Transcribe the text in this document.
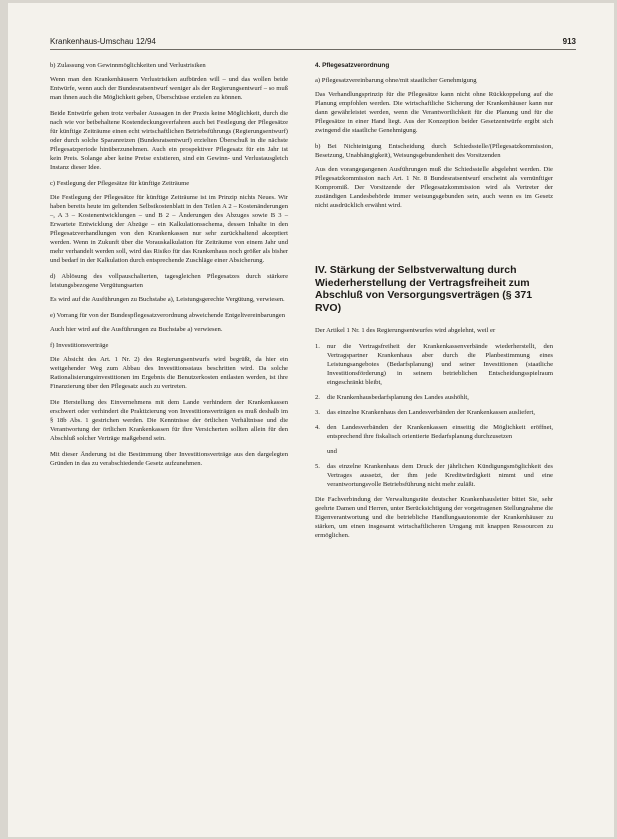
Krankenhaus-Umschau 12/94	913

b) Zulassung von Gewinnmöglichkeiten und Verlustrisiken

Wenn man den Krankenhäusern Verlustrisiken aufbürden will – und das wollen beide Entwürfe, wenn auch der Bundesratsentwurf weniger als der Regierungsentwurf – so muß man ihnen auch die Möglichkeit geben, Überschüsse erzielen zu können.

Beide Entwürfe gehen trotz verbaler Aussagen in der Praxis keine Möglichkeit, durch die nach wie vor beibehaltene Kostendeckungsverfahren auch bei Festlegung der Pflegesätze für künftige Zeiträume einen echt wirtschaftlichen Betriebsführungs (Regierungsentwurf) oder durch solche Sparanreizen (Bundesratsentwurf) erzielten Überschuß in die nächste Pflegesatzperiode hinüberzunehmen. Auch ein prospektiver Pflegesatz für ein Jahr ist kein Preis. Solange aber keine Preise existieren, sind ein Gewinn- und Verlustausgleich Instanz dieser Idee.

c) Festlegung der Pflegesätze für künftige Zeiträume

Die Festlegung der Pflegesätze für künftige Zeiträume ist im Prinzip nichts Neues. Wir haben bereits heute im geltenden Selbstkostenblatt in den Teilen A 2 – Kostenänderungen –, A 3 – Kostenentwicklungen – und B 2 – Änderungen des Abzuges sowie B 3 – Erwartete Entwicklung der Abzüge – ein Kalkulationsschema, dessen Inhalte in den Pflegesatzverhandlungen von den Krankenkassen nur sehr zurückhaltend akzeptiert werden. Wenn in Zukunft über die Vorauskalkulation für Zeiträume von einem Jahr und mehr verhandelt werden soll, wird das Risiko für das Krankenhaus noch größer als bisher und bedarf in der Kalkulation durch entsprechende Zuschläge einer Absicherung.

d) Ablösung des vollpauschalierten, tagesgleichen Pflegesatzes durch stärkere leistungsbezogene Vergütungsarten

Es wird auf die Ausführungen zu Buchstabe a), Leistungsgerechte Vergütung, verwiesen.

e) Vorrang für von der Bundespflegesatzverordnung abweichende Entgeltvereinbarungen

Auch hier wird auf die Ausführungen zu Buchstabe a) verwiesen.

f) Investitionsverträge

Die Absicht des Art. 1 Nr. 2) des Regierungsentwurfs wird begrüßt, da hier ein weitgehender Weg zum Abbau des Investitionsstaus beschritten wird. Da solche Rationalisierungsinvestitionen im Ergebnis die Benutzerkosten entlasten werden, ist ihre Finanzierung über den Pflegesatz auch zu vertreten.

Die Herstellung des Einvernehmens mit dem Lande verhindern der Krankenkassen erschwert oder verhindert die Praktizierung von Investitionsverträgen es muß deshalb im § 18b Abs. 1 gestrichen werden. Die Kenntnisse der örtlichen Verhältnisse und die Verantwortung der örtlichen Krankenkassen für ihre Versicherten sollten allein für den Abschluß solcher Verträge maßgebend sein.

Mit dieser Änderung ist die Bestimmung über Investitionsverträge aus den dargelegten Gründen in das zu verabschiedende Gesetz aufzunehmen.

4. Pflegesatzverordnung

a) Pflegesatzvereinbarung ohne/mit staatlicher Genehmigung

Das Verhandlungsprinzip für die Pflegesätze kann nicht ohne Rückkoppelung auf die Planung empfohlen werden. Die wirtschaftliche Sicherung der Krankenhäuser kann nur dann gewährleistet werden, wenn die Verantwortlichkeit für die Planung und für die Pflegesätze in einer Hand liegt. Aus der Konzeption beider Gesetzentwürfe ergibt sich zwingend die staatliche Genehmigung.

b) Bei Nichteinigung Entscheidung durch Schiedsstelle/(Pflegesatzkommission, Besetzung, Unabhängigkeit), Weisungsgebundenheit des Vorsitzenden

Aus den vorangegangenen Ausführungen muß die Schiedsstelle abgelehnt werden. Die Pflegesatzkommission nach Art. 1 Nr. 8 Bundesratsentwurf erscheint als vernünftiger Kompromiß. Der Vorsitzende der Pflegesatzkommission wird als Vertreter der zuständigen Landesbehörde immer weisungsgebunden sein, auch wenn es im Gesetz nicht ausdrücklich erwähnt wird.

IV. Stärkung der Selbstverwaltung durch Wiederherstellung der Vertragsfreiheit zum Abschluß von Versorgungsverträgen (§ 371 RVO)

Der Artikel 1 Nr. 1 des Regierungsentwurfes wird abgelehnt, weil er

1. nur die Vertragsfreiheit der Krankenkassenverbände wiederherstellt, den Vertragspartner Krankenhaus aber durch die Planbestimmung eines Leistungsangebotes (Bedarfsplanung) und seiner Investitionen (staatliche Investitionsförderung) in seinem betrieblichen Entscheidungsspielraum eingeschränkt bleibt,
2. die Krankenhausbedarfsplanung des Landes aushöhlt,
3. das einzelne Krankenhaus den Landesverbänden der Krankenkassen ausliefert,
4. den Landesverbänden der Krankenkassen einseitig die Möglichkeit eröffnet, entsprechend ihre fiskalisch orientierte Bedarfsplanung durchzusetzen
und
5. das einzelne Krankenhaus dem Druck der jährlichen Kündigungsmöglichkeit des Vertrages aussetzt, der ihm jede Kreditwürdigkeit nimmt und eine verantwortungsvolle Betriebsführung nicht mehr zuläßt.

Die Fachverbindung der Verwaltungsräte deutscher Krankenhausleiter bittet Sie, sehr geehrte Damen und Herren, unter Berücksichtigung der vorgetragenen Stellungnahme die Eigenverantwortung und die betriebliche Handlungsautonomie der Krankenhäuser zu stärken, um einen insgesamt wirtschaftlicheren Umgang mit knappen Ressourcen zu ermöglichen.
